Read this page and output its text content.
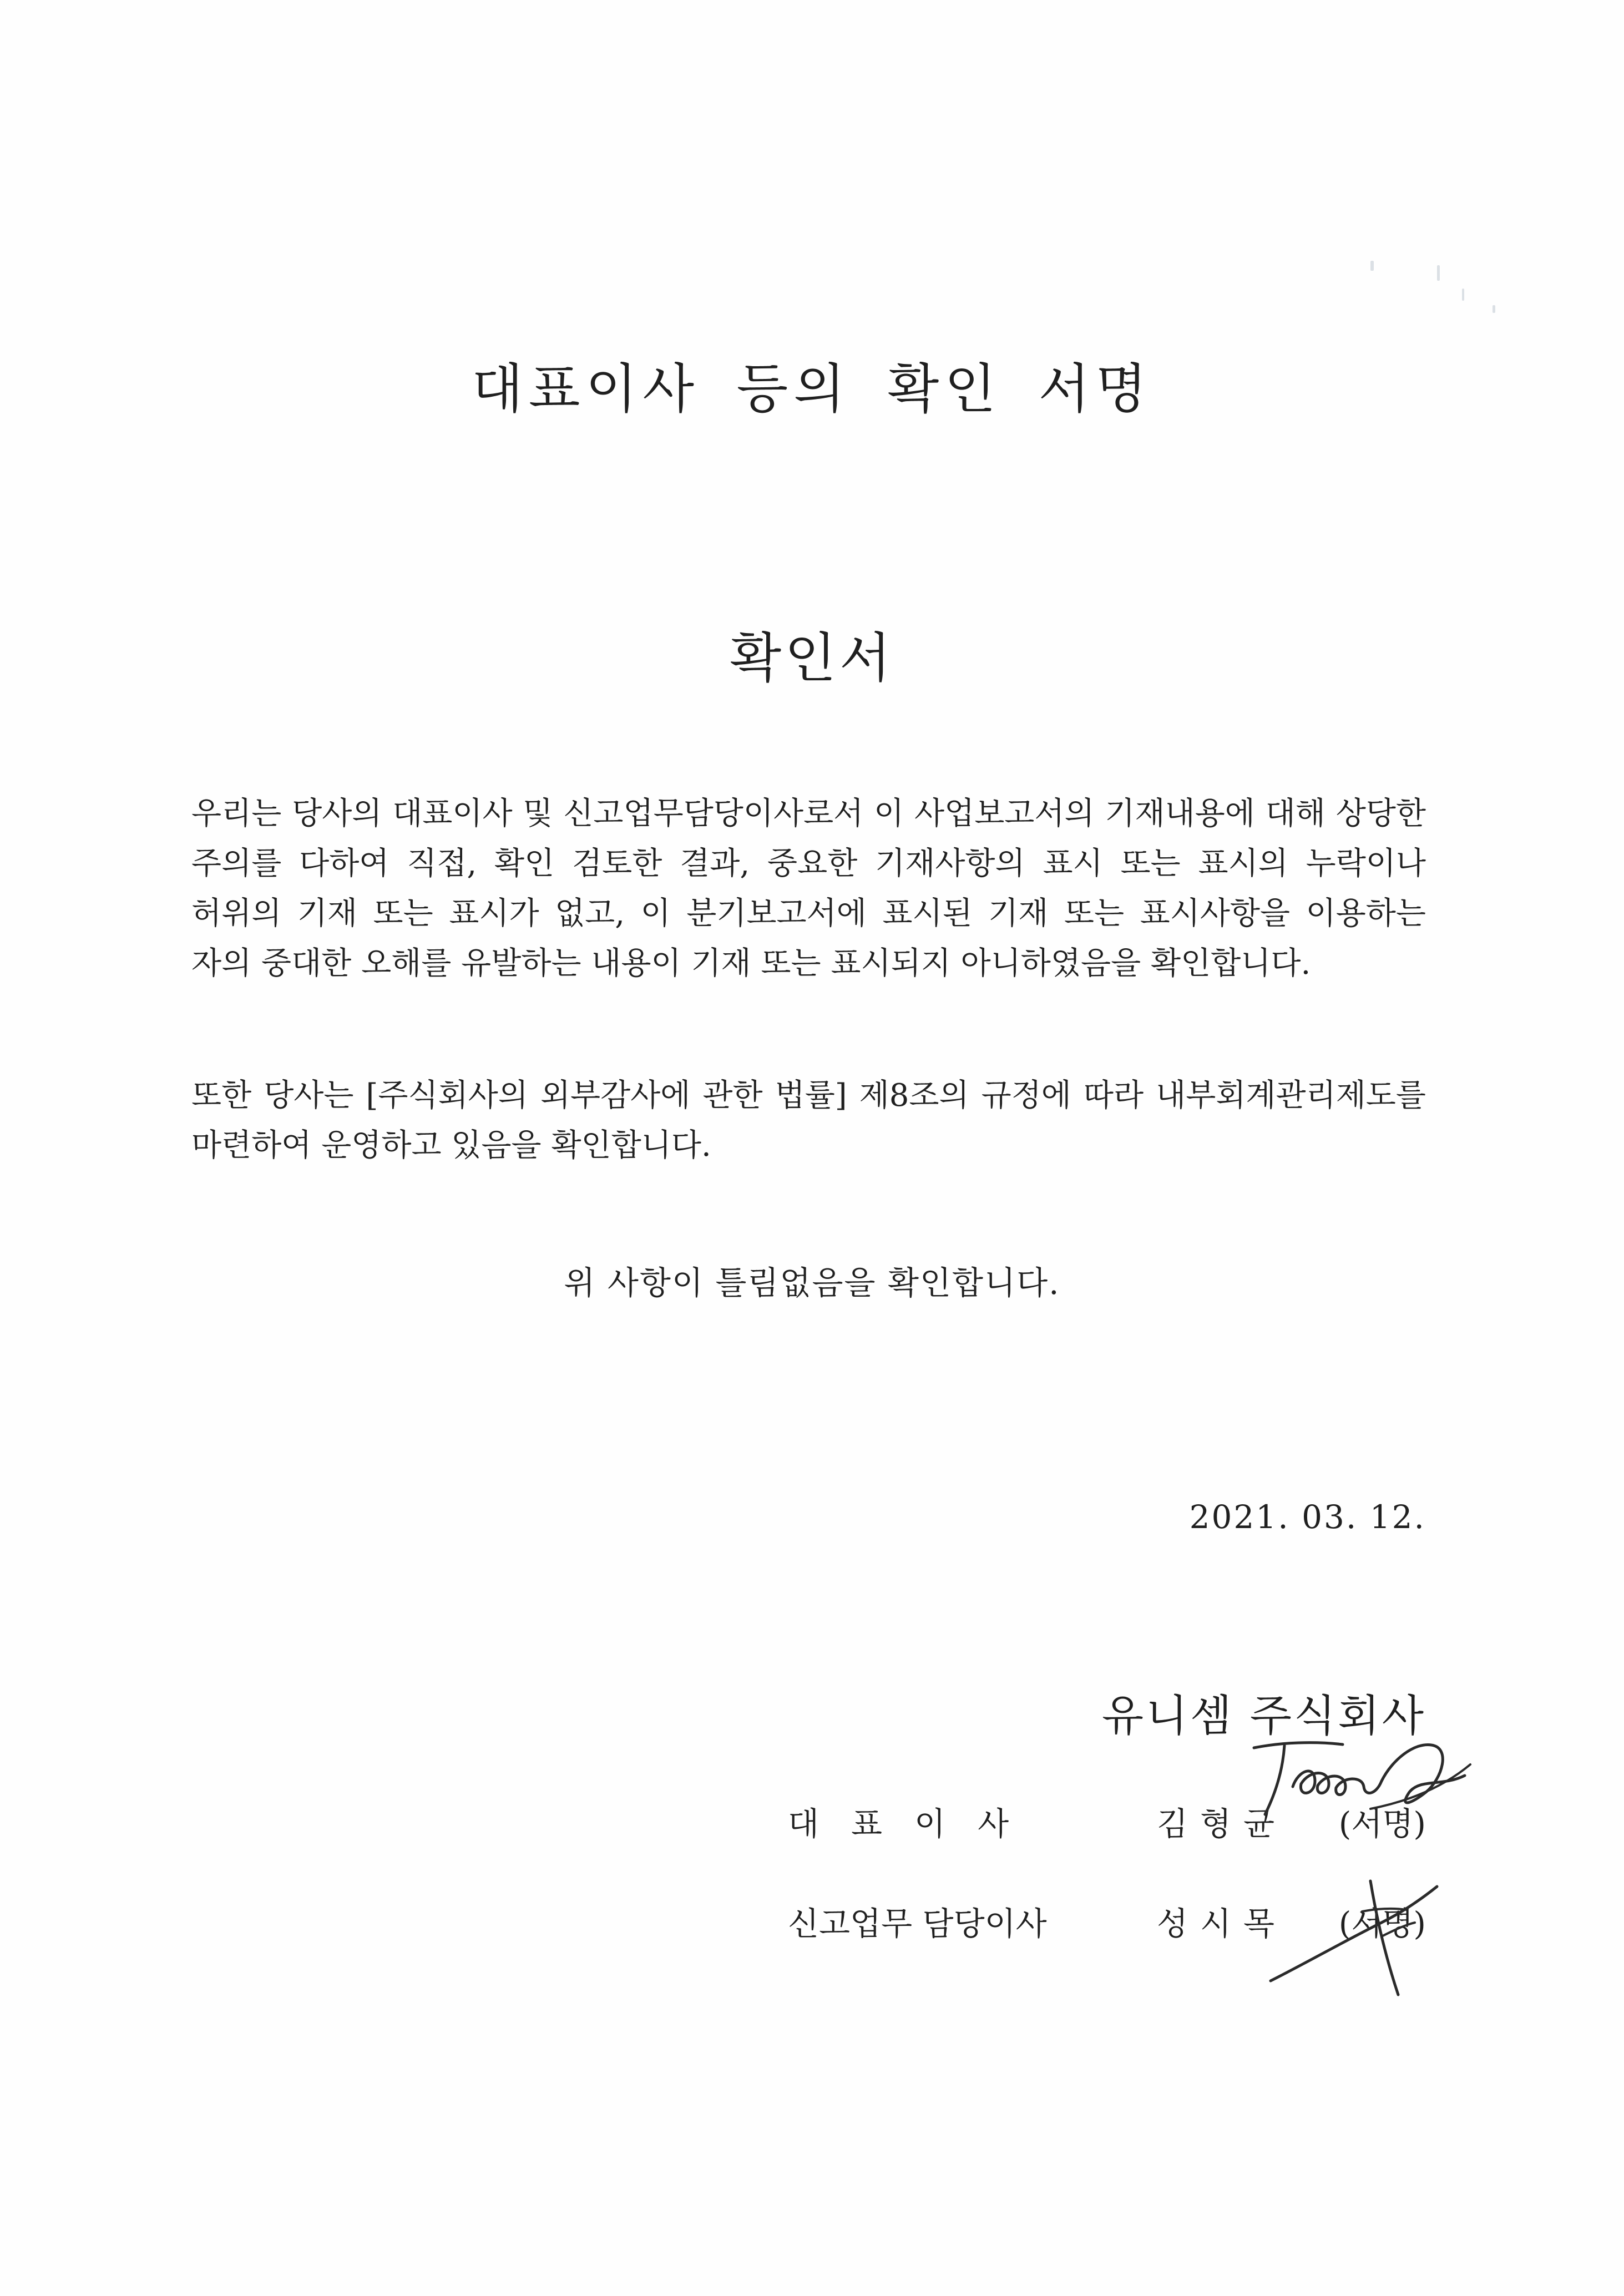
대표이사 등의 확인 서명
확인서

우리는 당사의 대표이사 및 신고업무담당이사로서 이 사업보고서의 기재내용에 대해 상당한 주의를 다하여 직접, 확인 검토한 결과, 중요한 기재사항의 표시 또는 표시의 누락이나 허위의 기재 또는 표시가 없고, 이 분기보고서에 표시된 기재 또는 표시사항을 이용하는 자의 중대한 오해를 유발하는 내용이 기재 또는 표시되지 아니하였음을 확인합니다.

또한 당사는 [주식회사의 외부감사에 관한 법률] 제8조의 규정에 따라 내부회계관리제도를 마련하여 운영하고 있음을 확인합니다.

위 사항이 틀림없음을 확인합니다.

2021. 03. 12.

유니셈 주식회사

대표이사	김형균 (서명)
신고업무 담당이사	성시목 (서명)
